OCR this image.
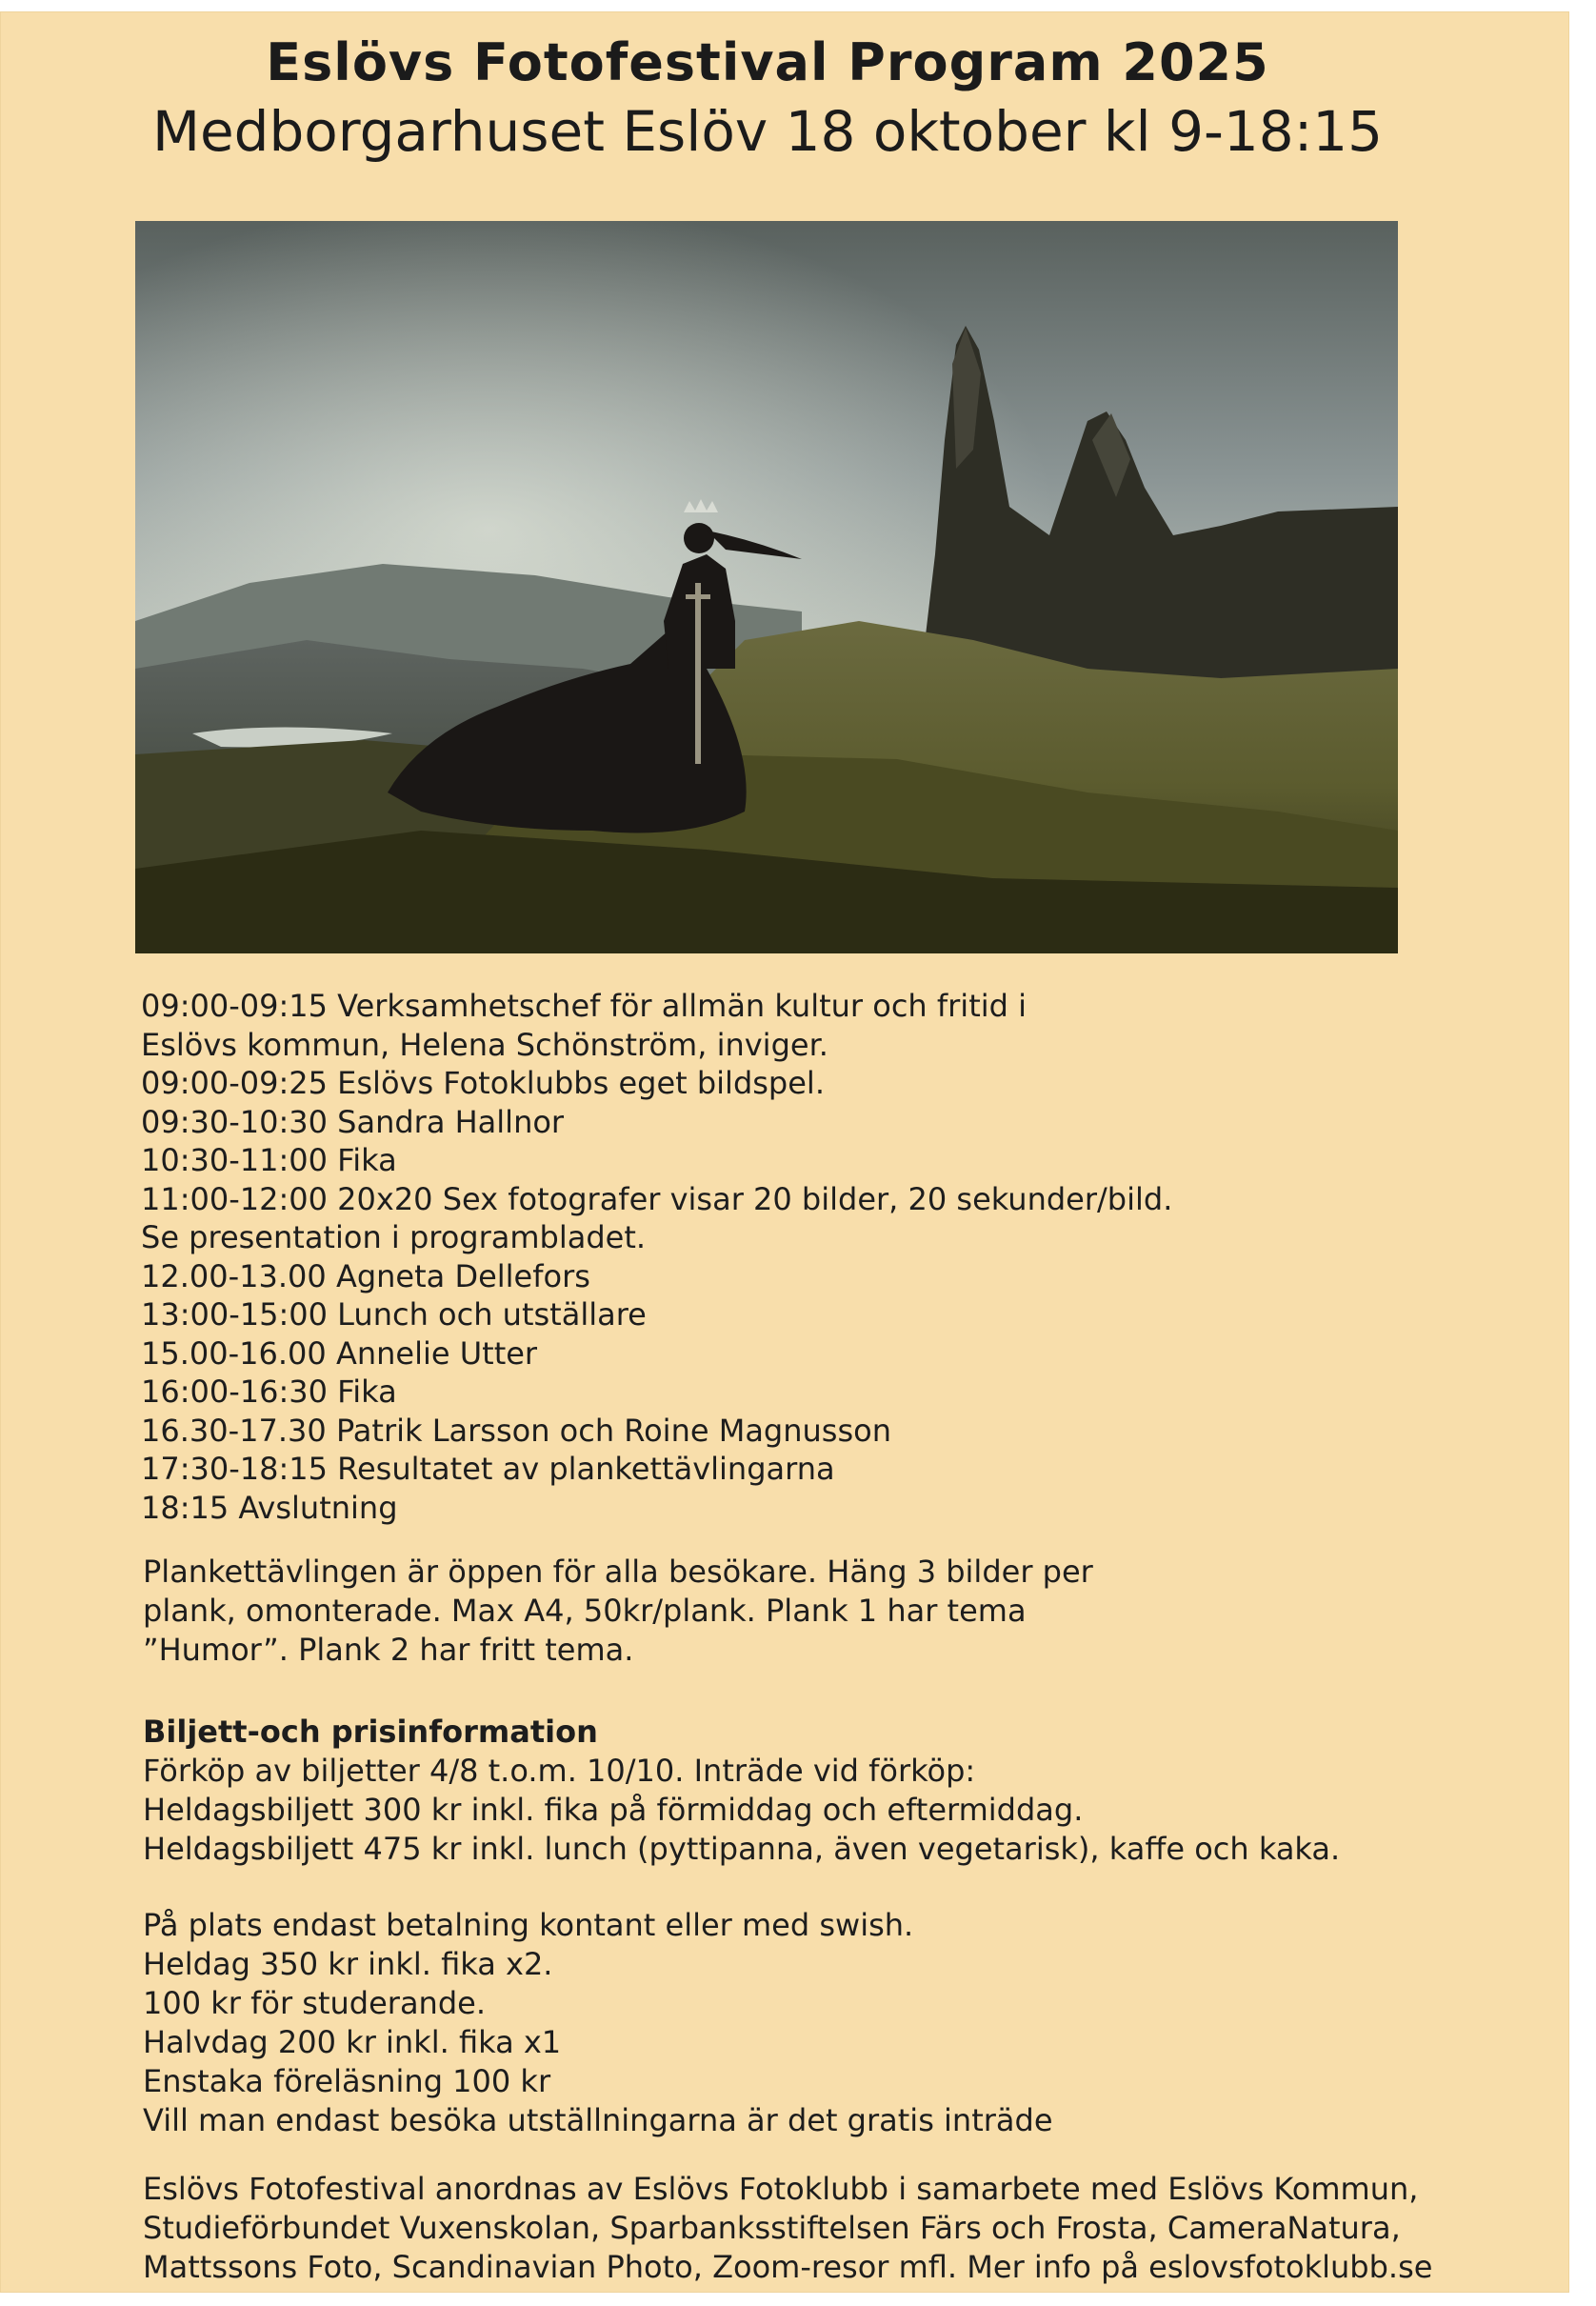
Eslövs Fotofestival Program 2025
Medborgarhuset Eslöv 18 oktober kl 9-18:15
09:00-09:15 Verksamhetschef för allmän kultur och fritid i
Eslövs kommun, Helena Schönström, inviger.
09:00-09:25 Eslövs Fotoklubbs eget bildspel.
09:30-10:30 Sandra Hallnor
10:30-11:00 Fika
11:00-12:00 20x20 Sex fotografer visar 20 bilder, 20 sekunder/bild.
Se presentation i programbladet.
12.00-13.00 Agneta Dellefors
13:00-15:00 Lunch och utställare
15.00-16.00 Annelie Utter
16:00-16:30 Fika
16.30-17.30 Patrik Larsson och Roine Magnusson
17:30-18:15 Resultatet av plankettävlingarna
18:15 Avslutning

Plankettävlingen är öppen för alla besökare. Häng 3 bilder per

plank, omonterade. Max A4, 50kr/plank. Plank 1 har tema

”Humor”. Plank 2 har fritt tema.

Biljett-och prisinformation

Förköp av biljetter 4/8 t.o.m. 10/10. Inträde vid förköp:

Heldagsbiljett 300 kr inkl. fika på förmiddag och eftermiddag.

Heldagsbiljett 475 kr inkl. lunch (pyttipanna, även vegetarisk), kaffe och kaka.

På plats endast betalning kontant eller med swish.

Heldag 350 kr inkl. fika x2.

100 kr för studerande.

Halvdag 200 kr inkl. fika x1

Enstaka föreläsning 100 kr

Vill man endast besöka utställningarna är det gratis inträde

Eslövs Fotofestival anordnas av Eslövs Fotoklubb i samarbete med Eslövs Kommun,

Studieförbundet Vuxenskolan, Sparbanksstiftelsen Färs och Frosta, CameraNatura,

Mattssons Foto, Scandinavian Photo, Zoom-resor mfl. Mer info på eslovsfotoklubb.se
